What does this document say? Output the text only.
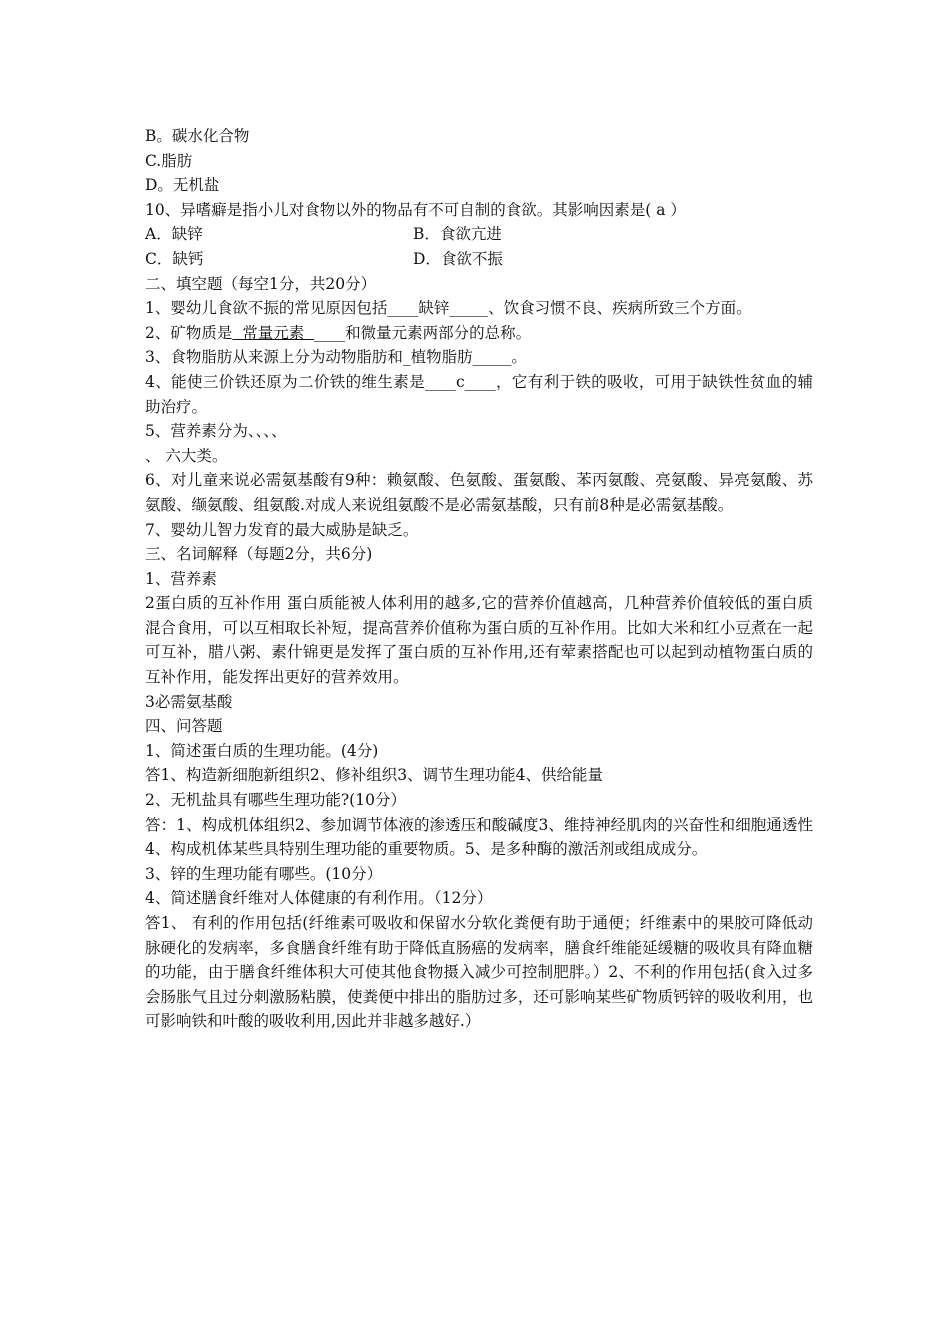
B。碳水化合物
C.脂肪
D。无机盐
10、异嗜癖是指小儿对食物以外的物品有不可自制的食欲。其影响因素是( a ）
A．缺锌	B．食欲亢进
C．缺钙	D．食欲不振
二、填空题（每空1分，共20分）
1、婴幼儿食欲不振的常见原因包括____缺锌_____、饮食习惯不良、疾病所致三个方面。
2、矿物质是  常量元素  ____和微量元素两部分的总称。
3、食物脂肪从来源上分为动物脂肪和_植物脂肪_____。
4、能使三价铁还原为二价铁的维生素是____c____，它有利于铁的吸收，可用于缺铁性贫血的辅助治疗。
5、营养素分为、、、、
、 六大类。
6、对儿童来说必需氨基酸有9种：赖氨酸、色氨酸、蛋氨酸、苯丙氨酸、亮氨酸、异亮氨酸、苏氨酸、缬氨酸、组氨酸.对成人来说组氨酸不是必需氨基酸，只有前8种是必需氨基酸。
7、婴幼儿智力发育的最大威胁是缺乏。
三、名词解释（每题2分，共6分)
1、营养素
2蛋白质的互补作用 蛋白质能被人体利用的越多,它的营养价值越高，几种营养价值较低的蛋白质混合食用，可以互相取长补短，提高营养价值称为蛋白质的互补作用。比如大米和红小豆煮在一起可互补，腊八粥、素什锦更是发挥了蛋白质的互补作用,还有荤素搭配也可以起到动植物蛋白质的互补作用，能发挥出更好的营养效用。
3必需氨基酸
四、问答题
1、简述蛋白质的生理功能。(4分)
答1、构造新细胞新组织2、修补组织3、调节生理功能4、供给能量
2、无机盐具有哪些生理功能?(10分）
答：1、构成机体组织2、参加调节体液的渗透压和酸碱度3、维持神经肌肉的兴奋性和细胞通透性4、构成机体某些具特别生理功能的重要物质。5、是多种酶的激活剂或组成成分。
3、锌的生理功能有哪些。(10分）
4、简述膳食纤维对人体健康的有利作用。（12分）
答1、 有利的作用包括(纤维素可吸收和保留水分软化粪便有助于通便；纤维素中的果胶可降低动脉硬化的发病率，多食膳食纤维有助于降低直肠癌的发病率，膳食纤维能延缓糖的吸收具有降血糖的功能，由于膳食纤维体积大可使其他食物摄入减少可控制肥胖。）2、不利的作用包括(食入过多会肠胀气且过分刺激肠粘膜，使粪便中排出的脂肪过多，还可影响某些矿物质钙锌的吸收利用，也可影响铁和叶酸的吸收利用,因此并非越多越好.）
